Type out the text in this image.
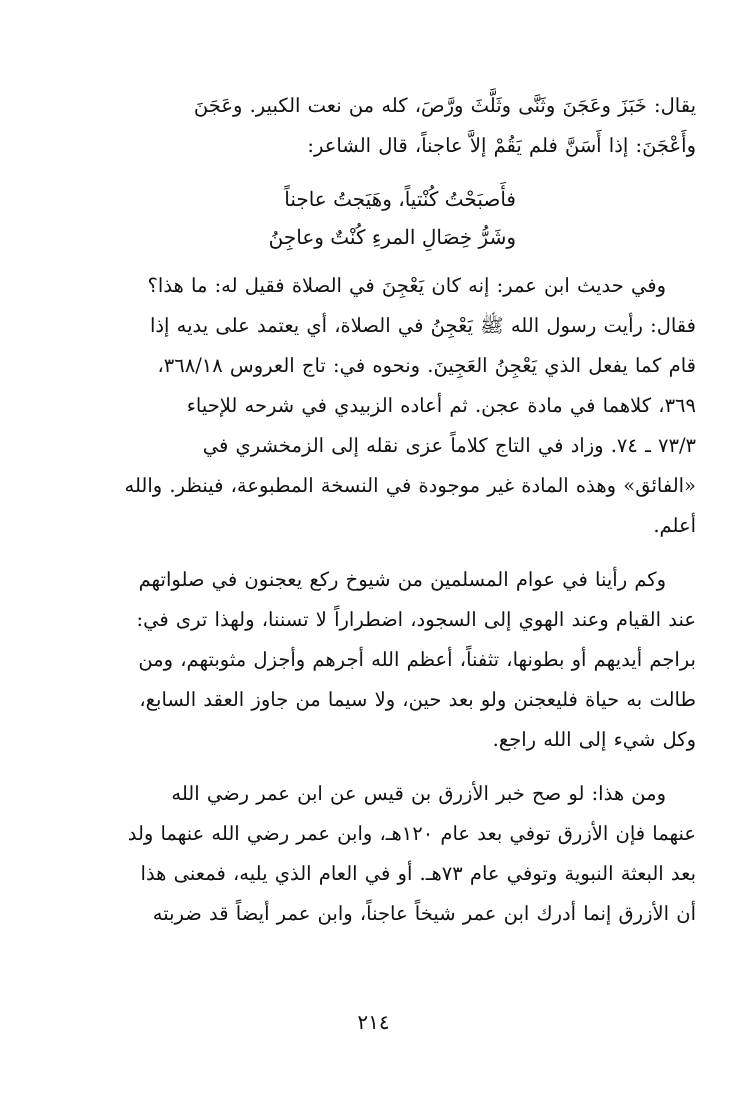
يقال: خَبَزَ وعَجَنَ وثَنَّى وثَلَّثَ ورَّصَ، كله من نعت الكبير. وعَجَنَ
وأَعْجَنَ: إذا أَسَنَّ فلم يَقُمْ إلاَّ عاجناً، قال الشاعر:

فأَصبَحْتُ كُنْتياً، وهَيَجتُ عاجناً
وشَرُّ خِصَالِ المرءِ كُنْتٌ وعاجِنُ

وفي حديث ابن عمر: إنه كان يَعْجِنَ في الصلاة فقيل له: ما هذا؟
فقال: رأيت رسول الله ﷺ يَعْجِنُ في الصلاة، أي يعتمد على يديه إذا
قام كما يفعل الذي يَعْجِنُ العَجِينَ. ونحوه في: تاج العروس ٣٦٨/١٨،
٣٦٩، كلاهما في مادة عجن. ثم أعاده الزبيدي في شرحه للإحياء
٧٣/٣ ـ ٧٤. وزاد في التاج كلاماً عزى نقله إلى الزمخشري في
«الفائق» وهذه المادة غير موجودة في النسخة المطبوعة، فينظر. والله
أعلم.

وكم رأينا في عوام المسلمين من شيوخ ركع يعجنون في صلواتهم
عند القيام وعند الهوي إلى السجود، اضطراراً لا تسننا، ولهذا ترى في:
براجم أيديهم أو بطونها، تثفناً، أعظم الله أجرهم وأجزل مثوبتهم، ومن
طالت به حياة فليعجنن ولو بعد حين، ولا سيما من جاوز العقد السابع،
وكل شيء إلى الله راجع.

ومن هذا: لو صح خبر الأزرق بن قيس عن ابن عمر رضي الله
عنهما فإن الأزرق توفي بعد عام ١٢٠هـ، وابن عمر رضي الله عنهما ولد
بعد البعثة النبوية وتوفي عام ٧٣هـ. أو في العام الذي يليه، فمعنى هذا
أن الأزرق إنما أدرك ابن عمر شيخاً عاجناً، وابن عمر أيضاً قد ضربته

٢١٤
